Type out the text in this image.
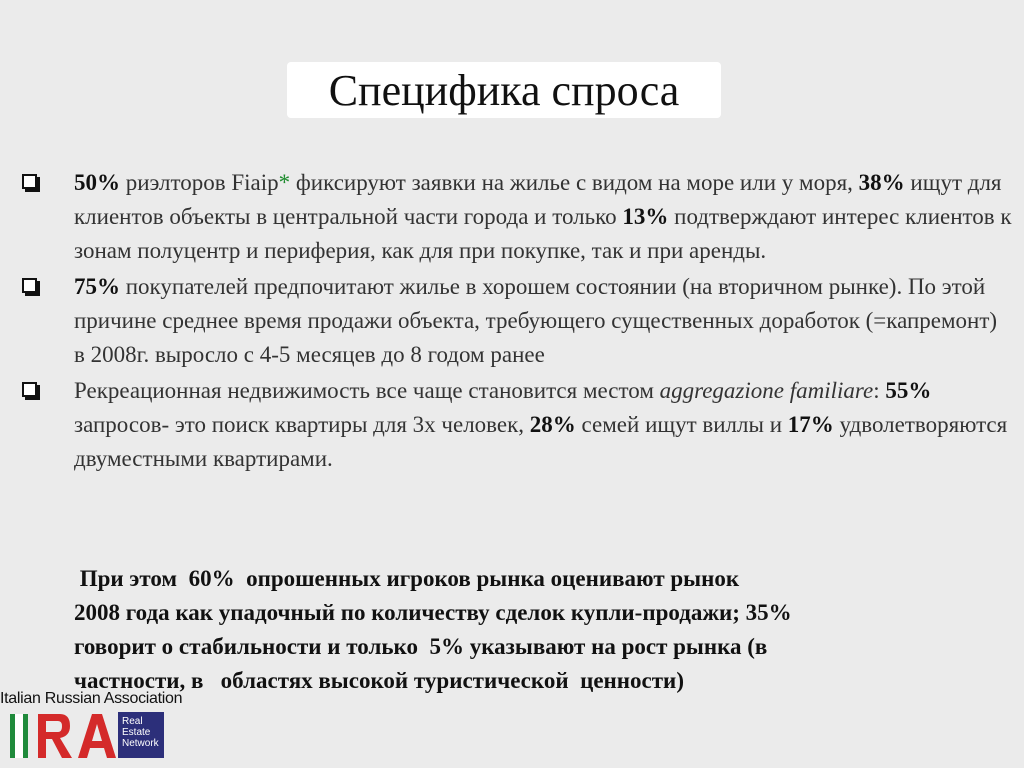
Специфика спроса
50% риэлторов Fiaip* фиксируют заявки на жилье с видом на море или у моря, 38% ищут для клиентов объекты в центральной части города и только 13% подтверждают интерес клиентов к зонам полуцентр и периферия, как для при покупке, так и при аренды.
75% покупателей предпочитают жилье в хорошем состоянии (на вторичном рынке). По этой причине среднее время продажи объекта, требующего существенных доработок (=капремонт) в 2008г. выросло с 4-5 месяцев до 8 годом ранее
Рекреационная недвижимость все чаще становится местом aggregazione familiare: 55% запросов- это поиск квартиры для 3х человек, 28% семей ищут виллы и 17% удволетворяются двуместными квартирами.
При этом  60%  опрошенных игроков рынка оценивают рынок
2008 года как упадочный по количеству сделок купли-продажи; 35%
говорит о стабильности и только  5% указывают на рост рынка (в
частности, в   областях высокой туристической  ценности)
Italian Russian Association
Real
Estate
Network
